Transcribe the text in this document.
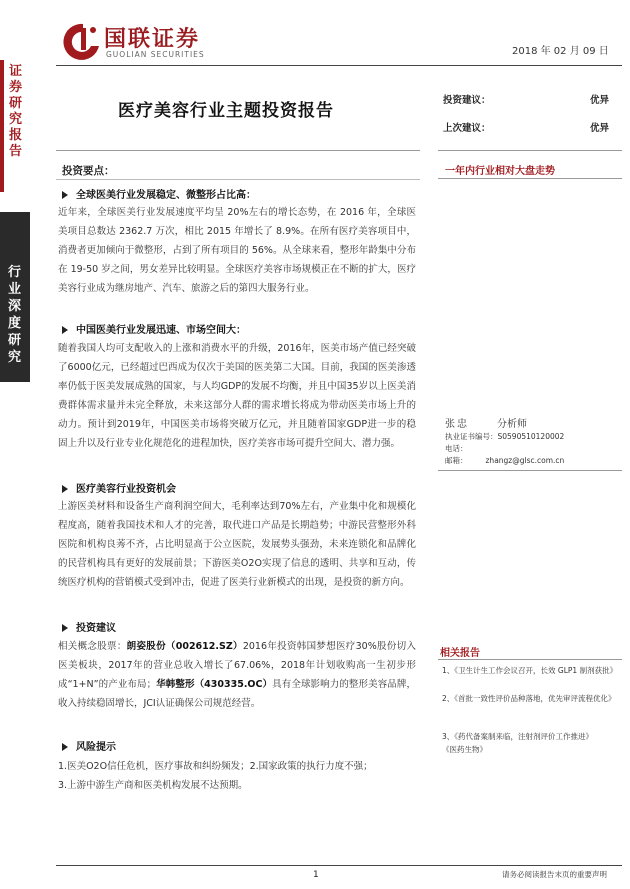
国联证券
GUOLIAN SECURITIES	2018 年 02 月 09 日
证券研究报告
行业深度研究
医疗美容行业主题投资报告
投资建议：	优异
上次建议：	优异
一年内行业相对大盘走势
张忠	分析师
执业证书编号：S0590510120002
电话：
邮箱： zhangz@glsc.com.cn
投资要点：
全球医美行业发展稳定、微整形占比高：
近年来，全球医美行业发展速度平均呈 20%左右的增长态势，在 2016 年，全球医美项目总数达 2362.7 万次，相比 2015 年增长了 8.9%。在所有医疗美容项目中，消费者更加倾向于微整形，占到了所有项目的 56%。从全球来看，整形年龄集中分布在 19-50 岁之间，男女差异比较明显。全球医疗美容市场规模正在不断的扩大，医疗美容行业成为继房地产、汽车、旅游之后的第四大服务行业。
中国医美行业发展迅速、市场空间大：
随着我国人均可支配收入的上涨和消费水平的升级，2016年，医美市场产值已经突破了6000亿元，已经超过巴西成为仅次于美国的医美第二大国。目前，我国的医美渗透率仍低于医美发展成熟的国家，与人均GDP的发展不均衡，并且中国35岁以上医美消费群体需求量并未完全释放，未来这部分人群的需求增长将成为带动医美市场上升的动力。预计到2019年，中国医美市场将突破万亿元，并且随着国家GDP进一步的稳固上升以及行业专业化规范化的进程加快，医疗美容市场可提升空间大、潜力强。
医疗美容行业投资机会
上游医美材料和设备生产商利润空间大，毛利率达到70%左右，产业集中化和规模化程度高，随着我国技术和人才的完善，取代进口产品是长期趋势；中游民营整形外科医院和机构良莠不齐，占比明显高于公立医院，发展势头强劲，未来连锁化和品牌化的民营机构具有更好的发展前景；下游医美O2O实现了信息的透明、共享和互动，传统医疗机构的营销模式受到冲击，促进了医美行业新模式的出现，是投资的新方向。
投资建议
相关概念股票：朗姿股份（002612.SZ）2016年投资韩国梦想医疗30%股份切入医美板块，2017年的营业总收入增长了67.06%，2018年计划收购高一生初步形成“1+N”的产业布局；华韩整形（430335.OC）具有全球影响力的整形美容品牌，收入持续稳固增长，JCI认证确保公司规范经营。
风险提示
1.医美O2O信任危机，医疗事故和纠纷频发；2.国家政策的执行力度不强；
3.上游中游生产商和医美机构发展不达预期。
相关报告
1、《卫生计生工作会议召开，长效 GLP1 制剂获批》
2、《首批一致性评价品种落地，优先审评流程优化》
3、《药代备案制来临，注射剂评价工作推进》
《医药生物》
1	请务必阅读报告末页的重要声明
